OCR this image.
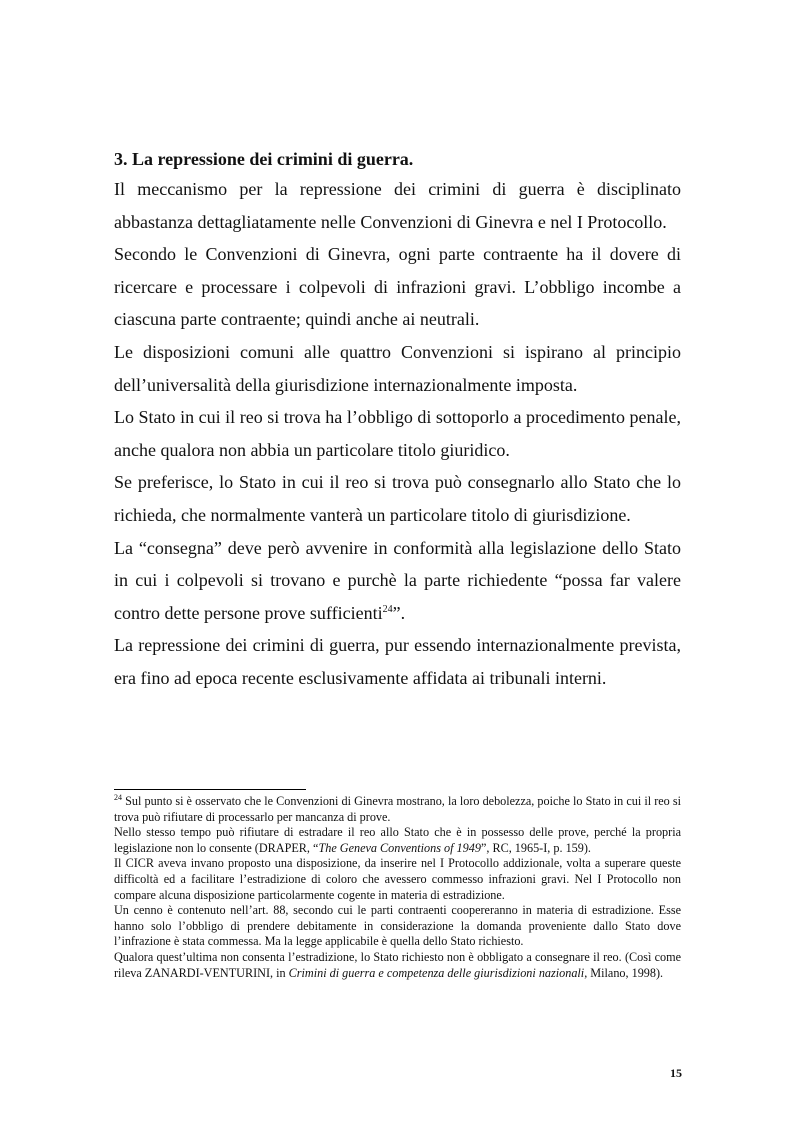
3. La repressione dei crimini di guerra.

Il meccanismo per la repressione dei crimini di guerra è disciplinato abbastanza dettagliatamente nelle Convenzioni di Ginevra e nel I Protocollo.

Secondo le Convenzioni di Ginevra, ogni parte contraente ha il dovere di ricercare e processare i colpevoli di infrazioni gravi. L’obbligo incombe a ciascuna parte contraente; quindi anche ai neutrali.

Le disposizioni comuni alle quattro Convenzioni si ispirano al principio dell’universalità della giurisdizione internazionalmente imposta.

Lo Stato in cui il reo si trova ha l’obbligo di sottoporlo a procedimento penale, anche qualora non abbia un particolare titolo giuridico.

Se preferisce, lo Stato in cui il reo si trova può consegnarlo allo Stato che lo richieda, che normalmente vanterà un particolare titolo di giurisdizione.

La “consegna” deve però avvenire in conformità alla legislazione dello Stato in cui i colpevoli si trovano e purchè la parte richiedente “possa far valere contro dette persone prove sufficienti$^{24}$”.

La repressione dei crimini di guerra, pur essendo internazionalmente prevista, era fino ad epoca recente esclusivamente affidata ai tribunali interni.

$^{24}$ Sul punto si è osservato che le Convenzioni di Ginevra mostrano, la loro debolezza, poiche lo Stato in cui il reo si trova può rifiutare di processarlo per mancanza di prove.

Nello stesso tempo può rifiutare di estradare il reo allo Stato che è in possesso delle prove, perché la propria legislazione non lo consente (DRAPER, “The Geneva Conventions of 1949”, RC, 1965-I, p. 159).

Il CICR aveva invano proposto una disposizione, da inserire nel I Protocollo addizionale, volta a superare queste difficoltà ed a facilitare l’estradizione di coloro che avessero commesso infrazioni gravi. Nel I Protocollo non compare alcuna disposizione particolarmente cogente in materia di estradizione.

Un cenno è contenuto nell’art. 88, secondo cui le parti contraenti coopereranno in materia di estradizione. Esse hanno solo l’obbligo di prendere debitamente in considerazione la domanda proveniente dallo Stato dove l’infrazione è stata commessa. Ma la legge applicabile è quella dello Stato richiesto.

Qualora quest’ultima non consenta l’estradizione, lo Stato richiesto non è obbligato a consegnare il reo. (Così come rileva ZANARDI-VENTURINI, in Crimini di guerra e competenza delle giurisdizioni nazionali, Milano, 1998).

15
